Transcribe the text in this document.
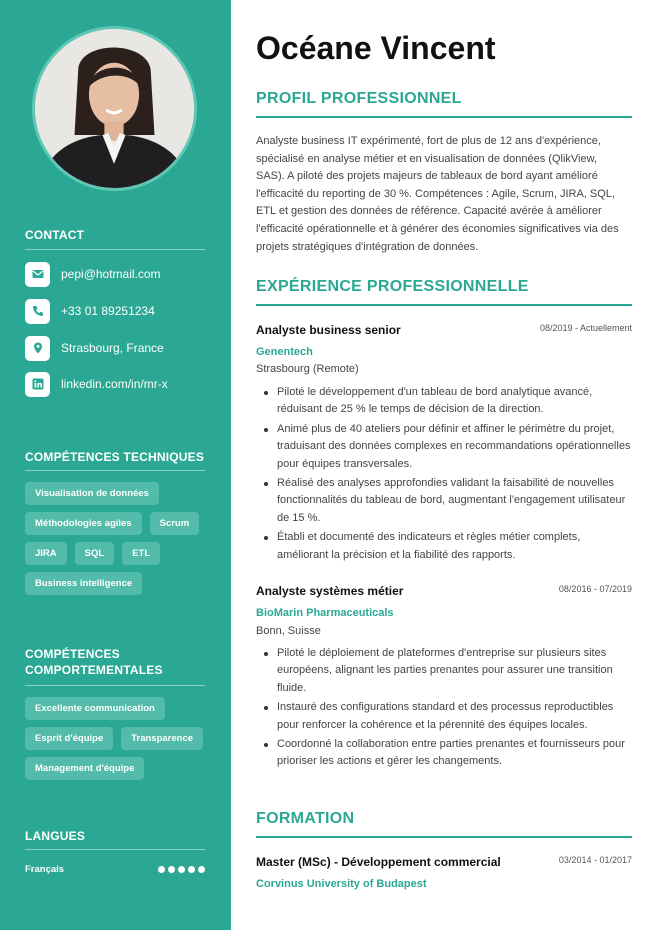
CONTACT
pepi@hotmail.com
+33 01 89251234
Strasbourg, France
linkedin.com/in/mr-x
COMPÉTENCES TECHNIQUES
Visualisation de données
Méthodologies agiles	Scrum
JIRA	SQL	ETL
Business intelligence
COMPÉTENCES
COMPORTEMENTALES
Excellente communication
Esprit d'équipe	Transparence
Management d'équipe
LANGUES
Français
Océane Vincent
PROFIL PROFESSIONNEL

Analyste business IT expérimenté, fort de plus de 12 ans d'expérience, spécialisé en analyse métier et en visualisation de données (QlikView, SAS). A piloté des projets majeurs de tableaux de bord ayant amélioré l'efficacité du reporting de 30 %. Compétences : Agile, Scrum, JIRA, SQL, ETL et gestion des données de référence. Capacité avérée à améliorer l'efficacité opérationnelle et à générer des économies significatives via des projets stratégiques d'intégration de données.

EXPÉRIENCE PROFESSIONNELLE
Analyste business senior	08/2019 - Actuellement
Genentech
Strasbourg (Remote)
Piloté le développement d'un tableau de bord analytique avancé, réduisant de 25 % le temps de décision de la direction.
Animé plus de 40 ateliers pour définir et affiner le périmètre du projet, traduisant des données complexes en recommandations opérationnelles pour équipes transversales.
Réalisé des analyses approfondies validant la faisabilité de nouvelles fonctionnalités du tableau de bord, augmentant l'engagement utilisateur de 15 %.
Établi et documenté des indicateurs et règles métier complets, améliorant la précision et la fiabilité des rapports.
Analyste systèmes métier	08/2016 - 07/2019
BioMarin Pharmaceuticals
Bonn, Suisse
Piloté le déploiement de plateformes d'entreprise sur plusieurs sites européens, alignant les parties prenantes pour assurer une transition fluide.
Instauré des configurations standard et des processus reproductibles pour renforcer la cohérence et la pérennité des équipes locales.
Coordonné la collaboration entre parties prenantes et fournisseurs pour prioriser les actions et gérer les changements.
FORMATION
Master (MSc) - Développement commercial	03/2014 - 01/2017
Corvinus University of Budapest
